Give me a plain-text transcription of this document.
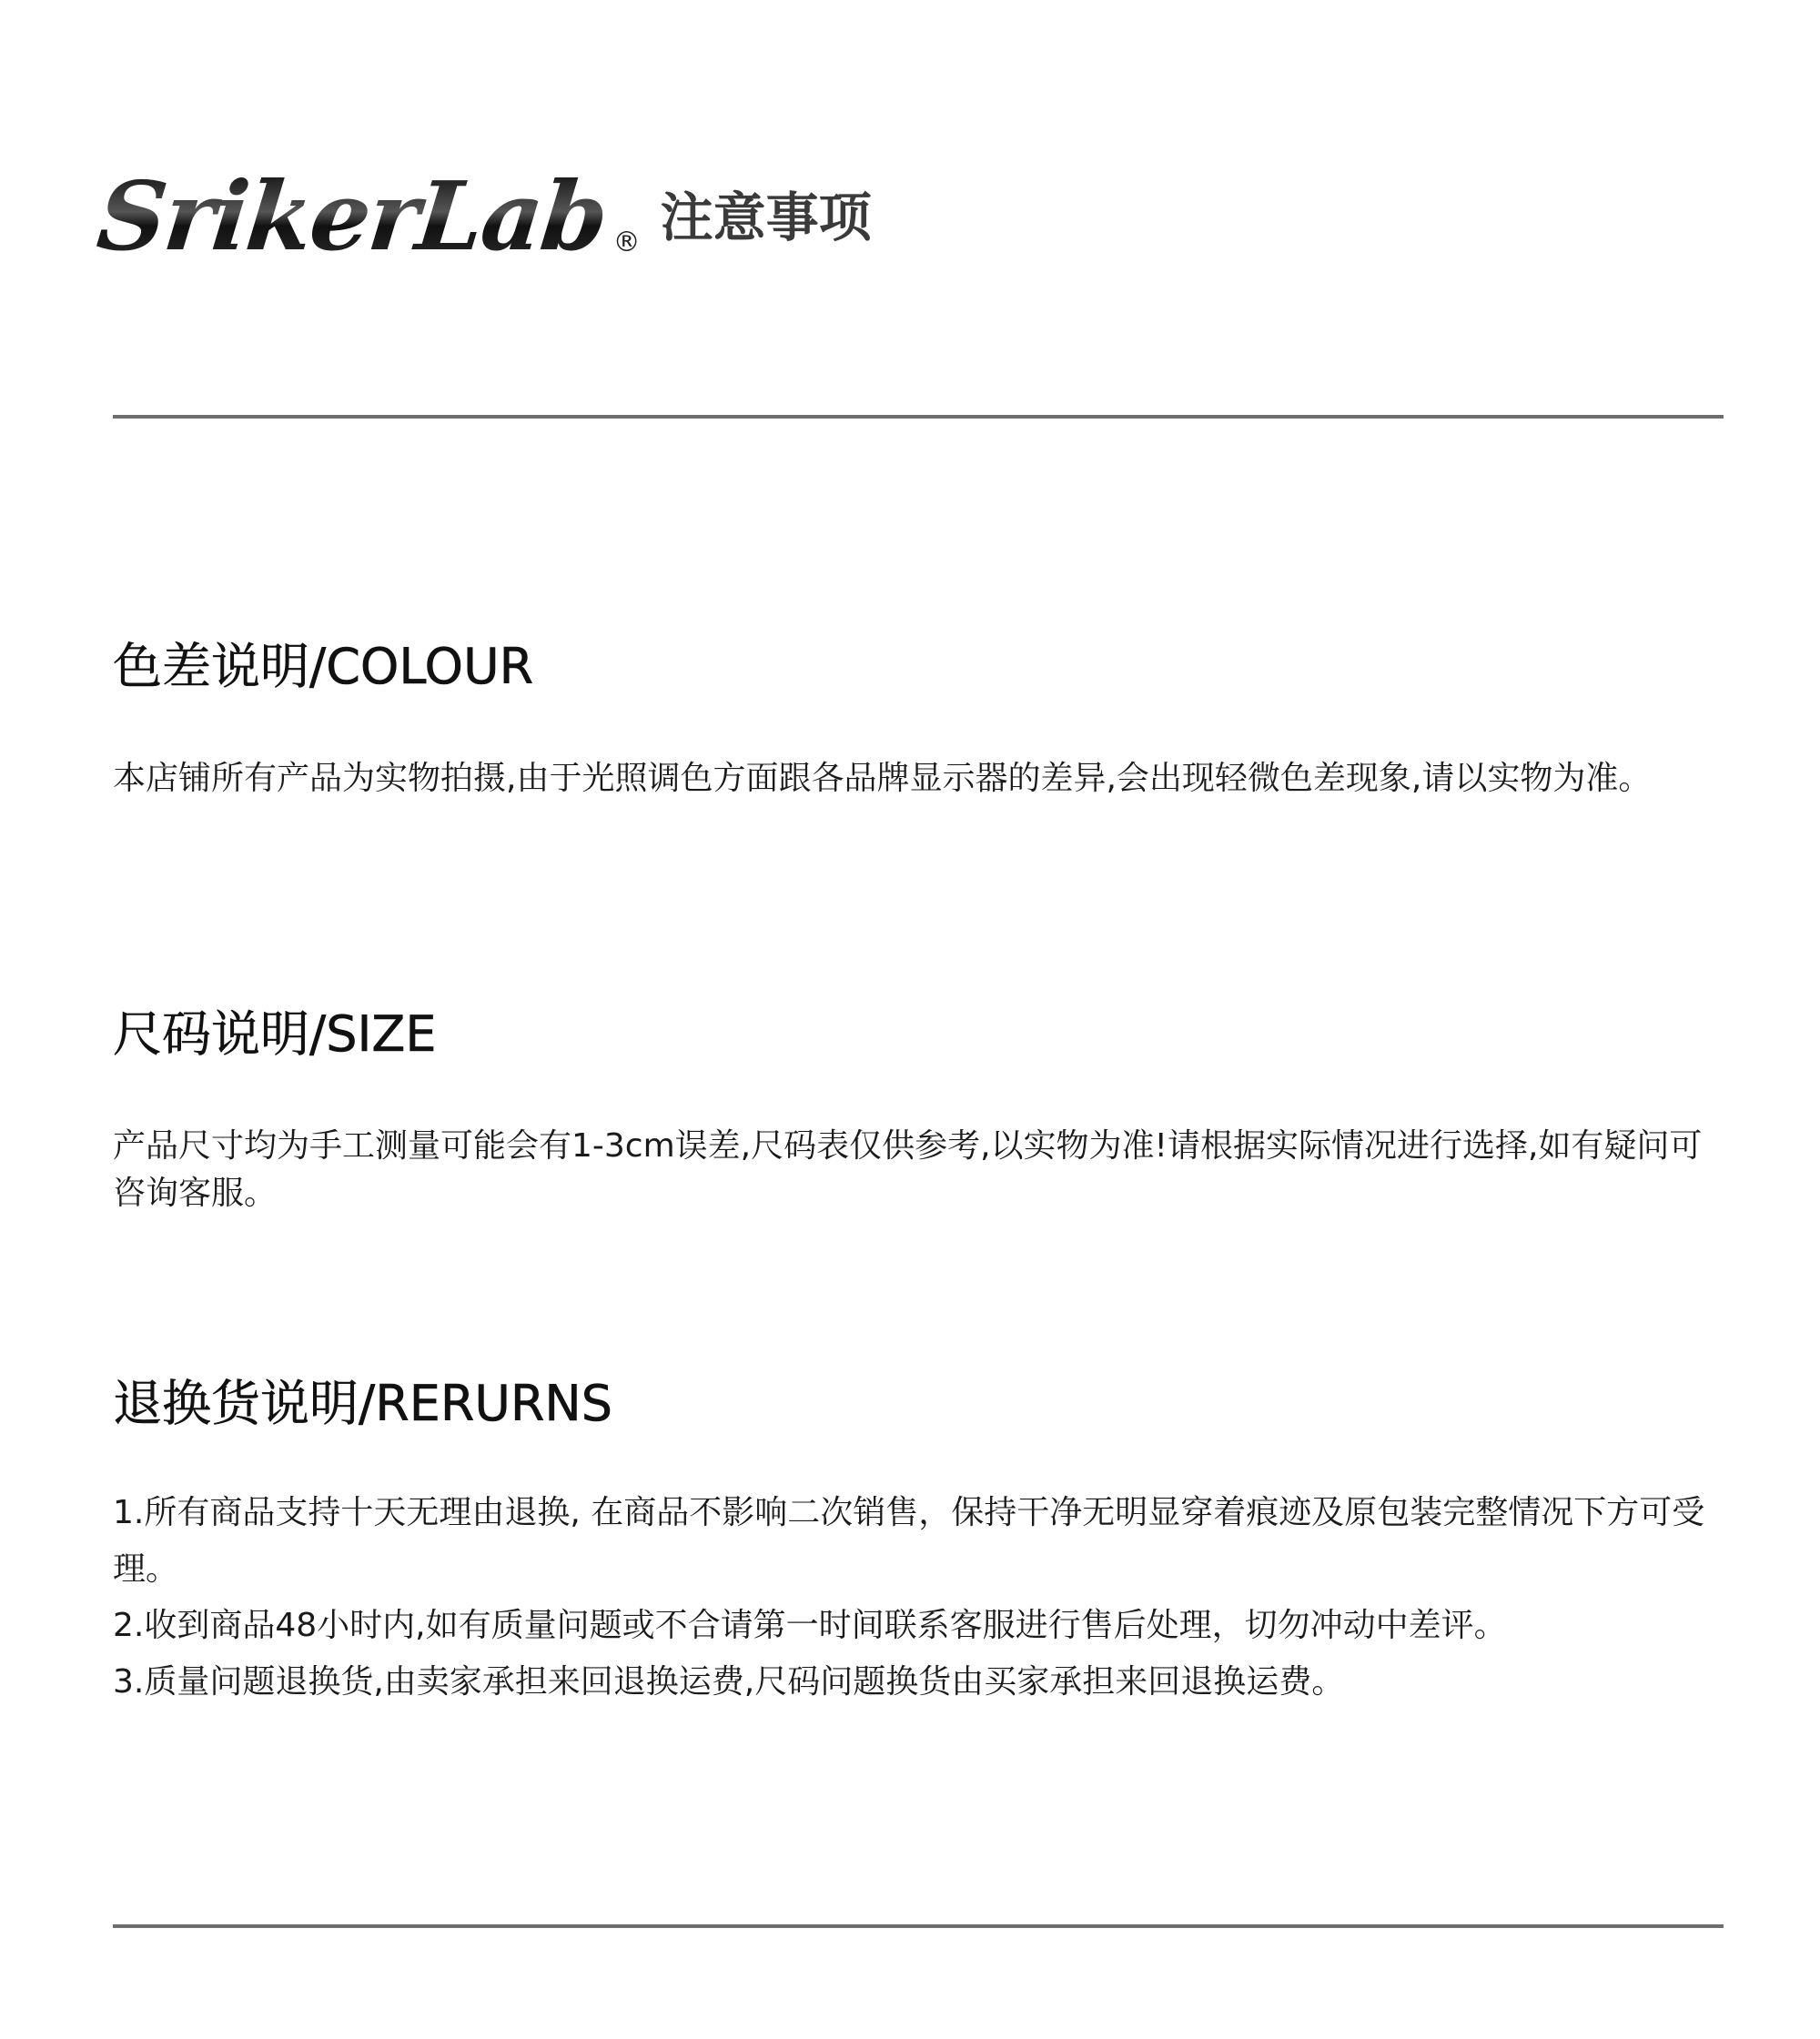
SrikerLab ® 注意事项
色差说明/COLOUR
本店铺所有产品为实物拍摄,由于光照调色方面跟各品牌显示器的差异,会出现轻微色差现象,请以实物为准。
尺码说明/SIZE
产品尺寸均为手工测量可能会有1-3cm误差,尺码表仅供参考,以实物为准!请根据实际情况进行选择,如有疑问可咨询客服。
退换货说明/RERURNS

1.所有商品支持十天无理由退换, 在商品不影响二次销售，保持干净无明显穿着痕迹及原包装完整情况下方可受理。

2.收到商品48小时内,如有质量问题或不合请第一时间联系客服进行售后处理，切勿冲动中差评。

3.质量问题退换货,由卖家承担来回退换运费,尺码问题换货由买家承担来回退换运费。
